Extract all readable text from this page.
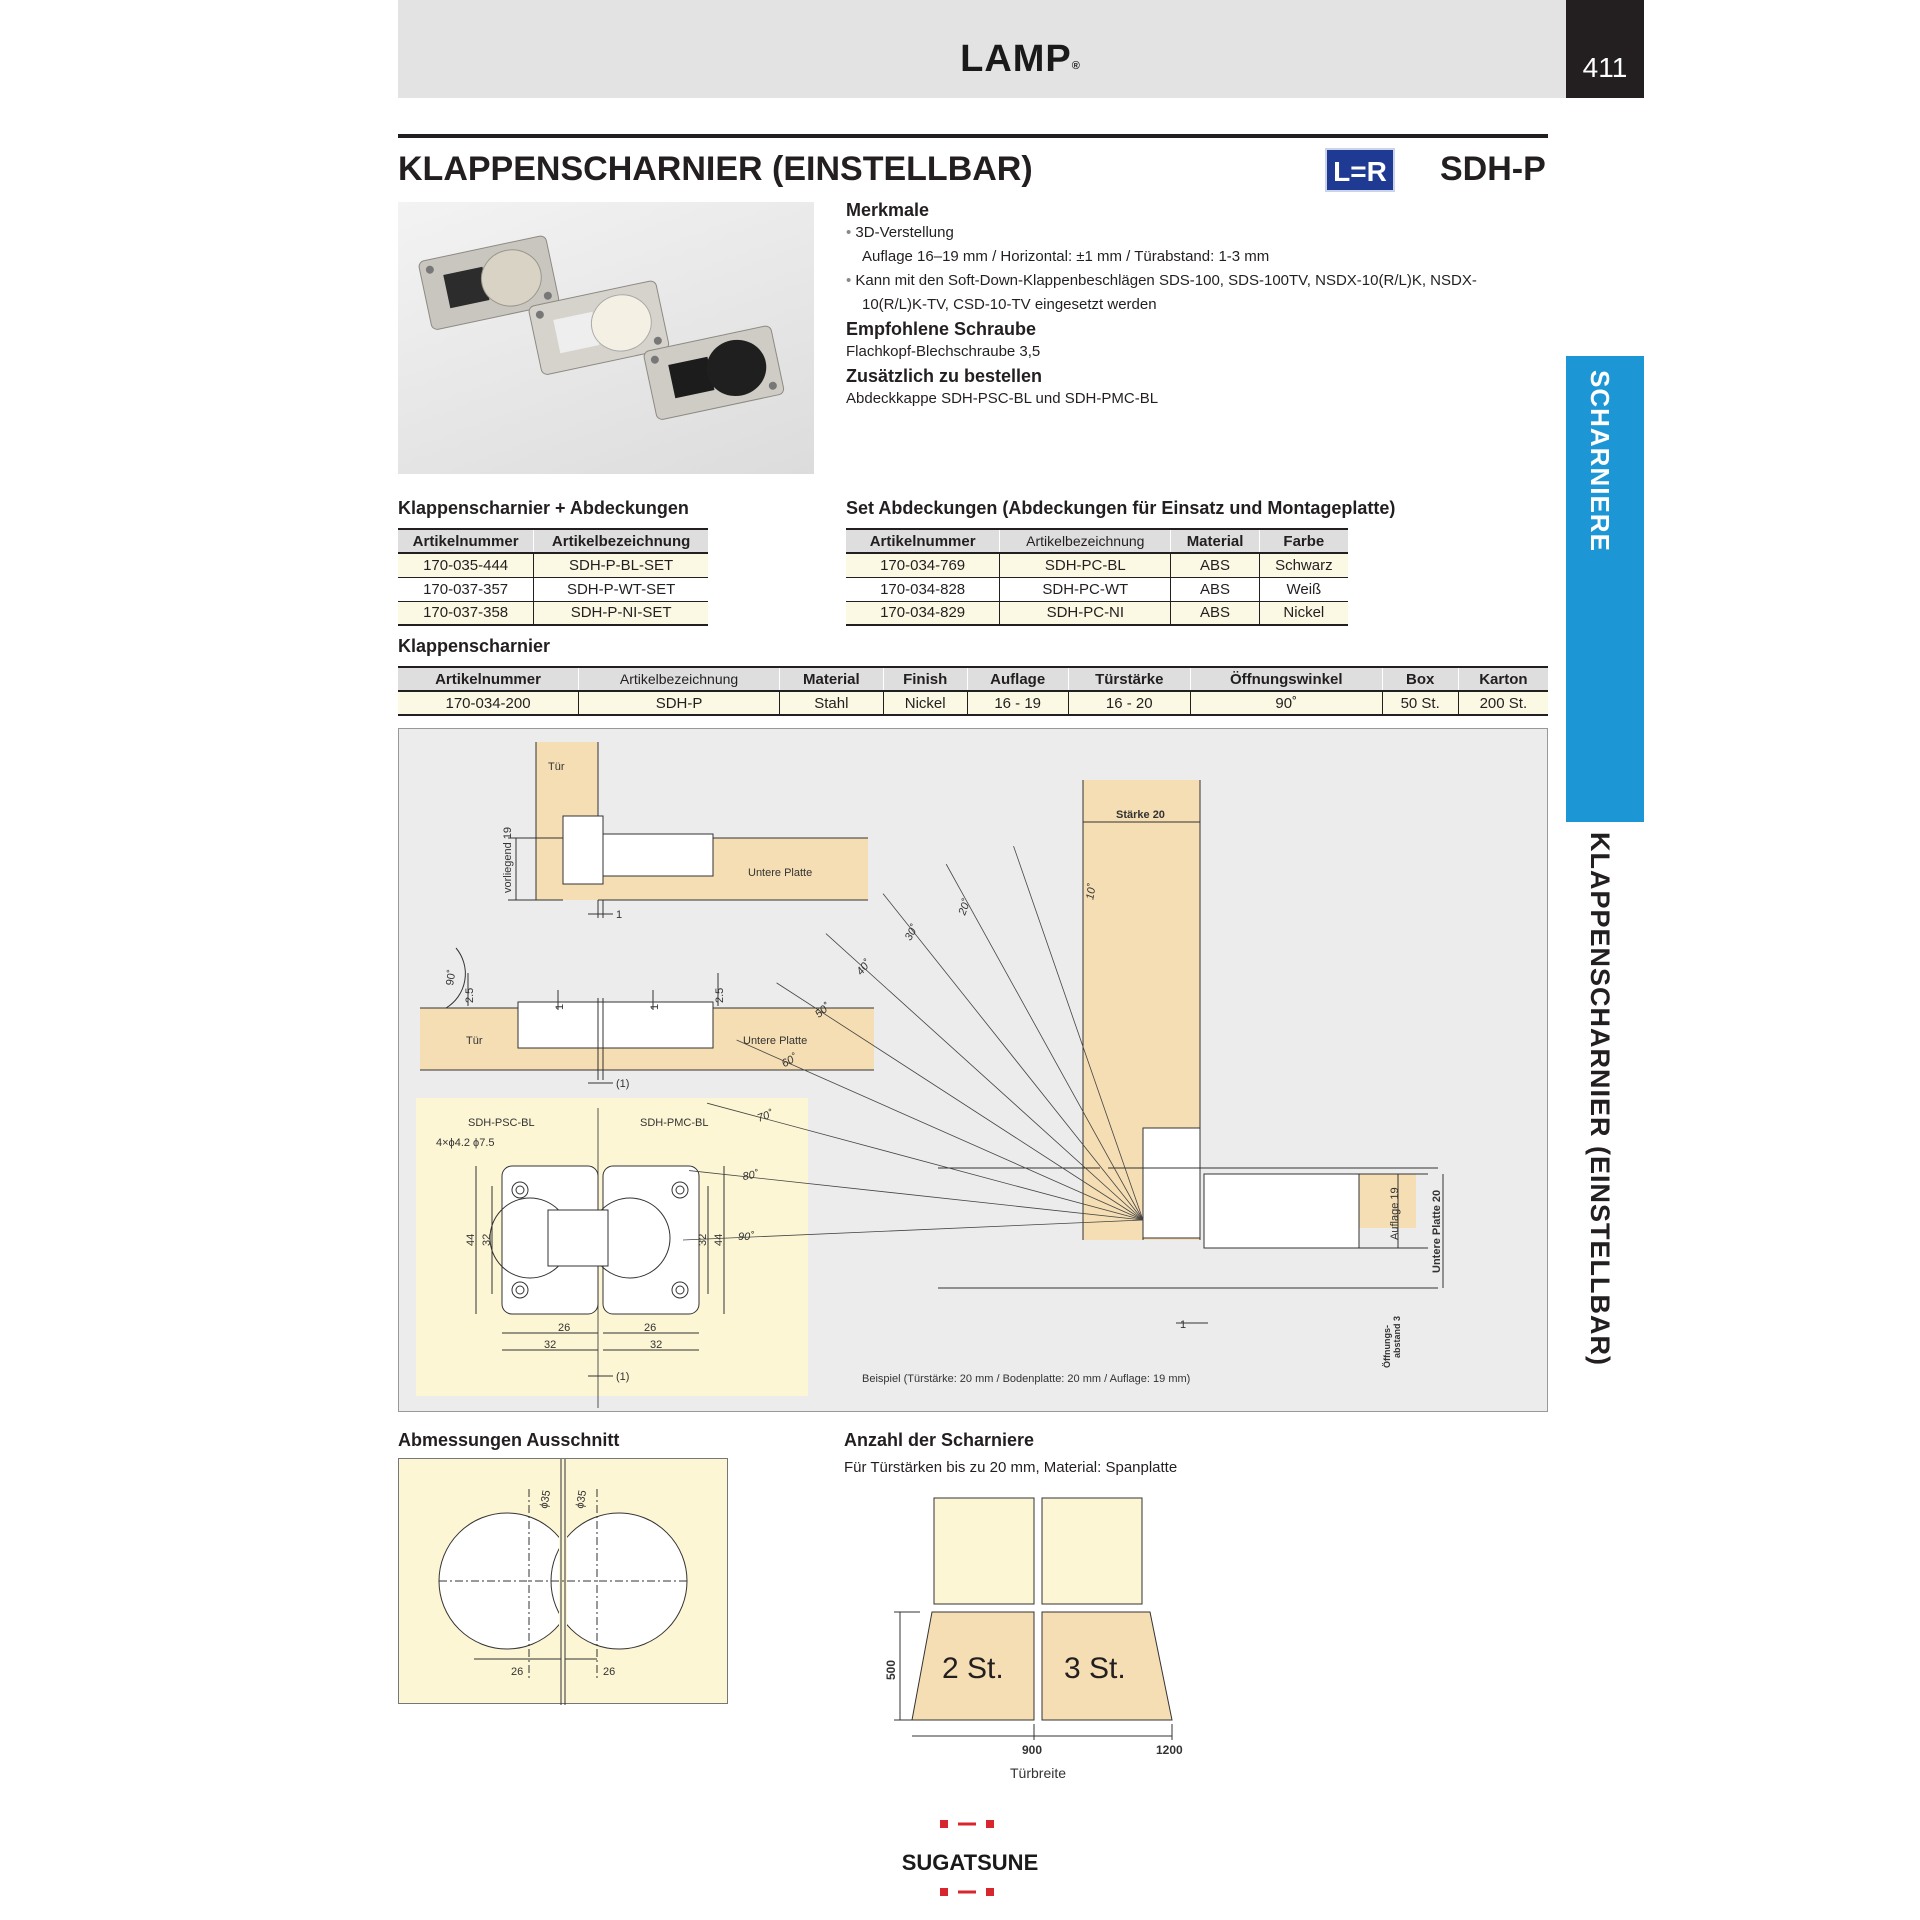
LAMP®	411
KLAPPENSCHARNIER (EINSTELLBAR)	L=R SDH-P
SCHARNIERE
KLAPPENSCHARNIER (EINSTELLBAR)
Merkmale
• 3D-Verstellung
Auflage 16–19 mm / Horizontal: ±1 mm / Türabstand: 1-3 mm
• Kann mit den Soft-Down-Klappenbeschlägen SDS-100, SDS-100TV, NSDX-10(R/L)K, NSDX-
10(R/L)K-TV, CSD-10-TV eingesetzt werden
Empfohlene Schraube
Flachkopf-Blechschraube 3,5
Zusätzlich zu bestellen
Abdeckkappe SDH-PSC-BL und SDH-PMC-BL
Klappenscharnier + Abdeckungen
Artikelnummer	Artikelbezeichnung
170-035-444	SDH-P-BL-SET
170-037-357	SDH-P-WT-SET
170-037-358	SDH-P-NI-SET
Set Abdeckungen (Abdeckungen für Einsatz und Montageplatte)
Artikelnummer	Artikelbezeichnung	Material	Farbe
170-034-769	SDH-PC-BL	ABS	Schwarz
170-034-828	SDH-PC-WT	ABS	Weiß
170-034-829	SDH-PC-NI	ABS	Nickel
Klappenscharnier
Artikelnummer	Artikelbezeichnung	Material	Finish	Auflage	Türstärke	Öffnungswinkel	Box	Karton
170-034-200	SDH-P	Stahl	Nickel	16 - 19	16 - 20	90˚	50 St.	200 St.
Tür
Untere Platte
vorliegend 19
1
90˚
2.5	2.5
1	1
Tür	Untere Platte
(1)
SDH-PSC-BL	SDH-PMC-BL
4×ϕ4.2 ϕ7.5
44 32	32 44
26	26
32	32
(1)
Stärke 20
Auflage 19	Untere Platte 20
1	Öffnungs- abstand 3
Beispiel (Türstärke: 20 mm / Bodenplatte: 20 mm / Auflage: 19 mm)
10˚
20˚
30˚
40˚
50˚
60˚
70˚
80˚
90˚
Abmessungen Ausschnitt
ϕ35 ϕ35
26	26
Anzahl der Scharniere
Für Türstärken bis zu 20 mm, Material: Spanplatte
2 St. 3 St.
500
900	1200
Türbreite
SUGATSUNE
